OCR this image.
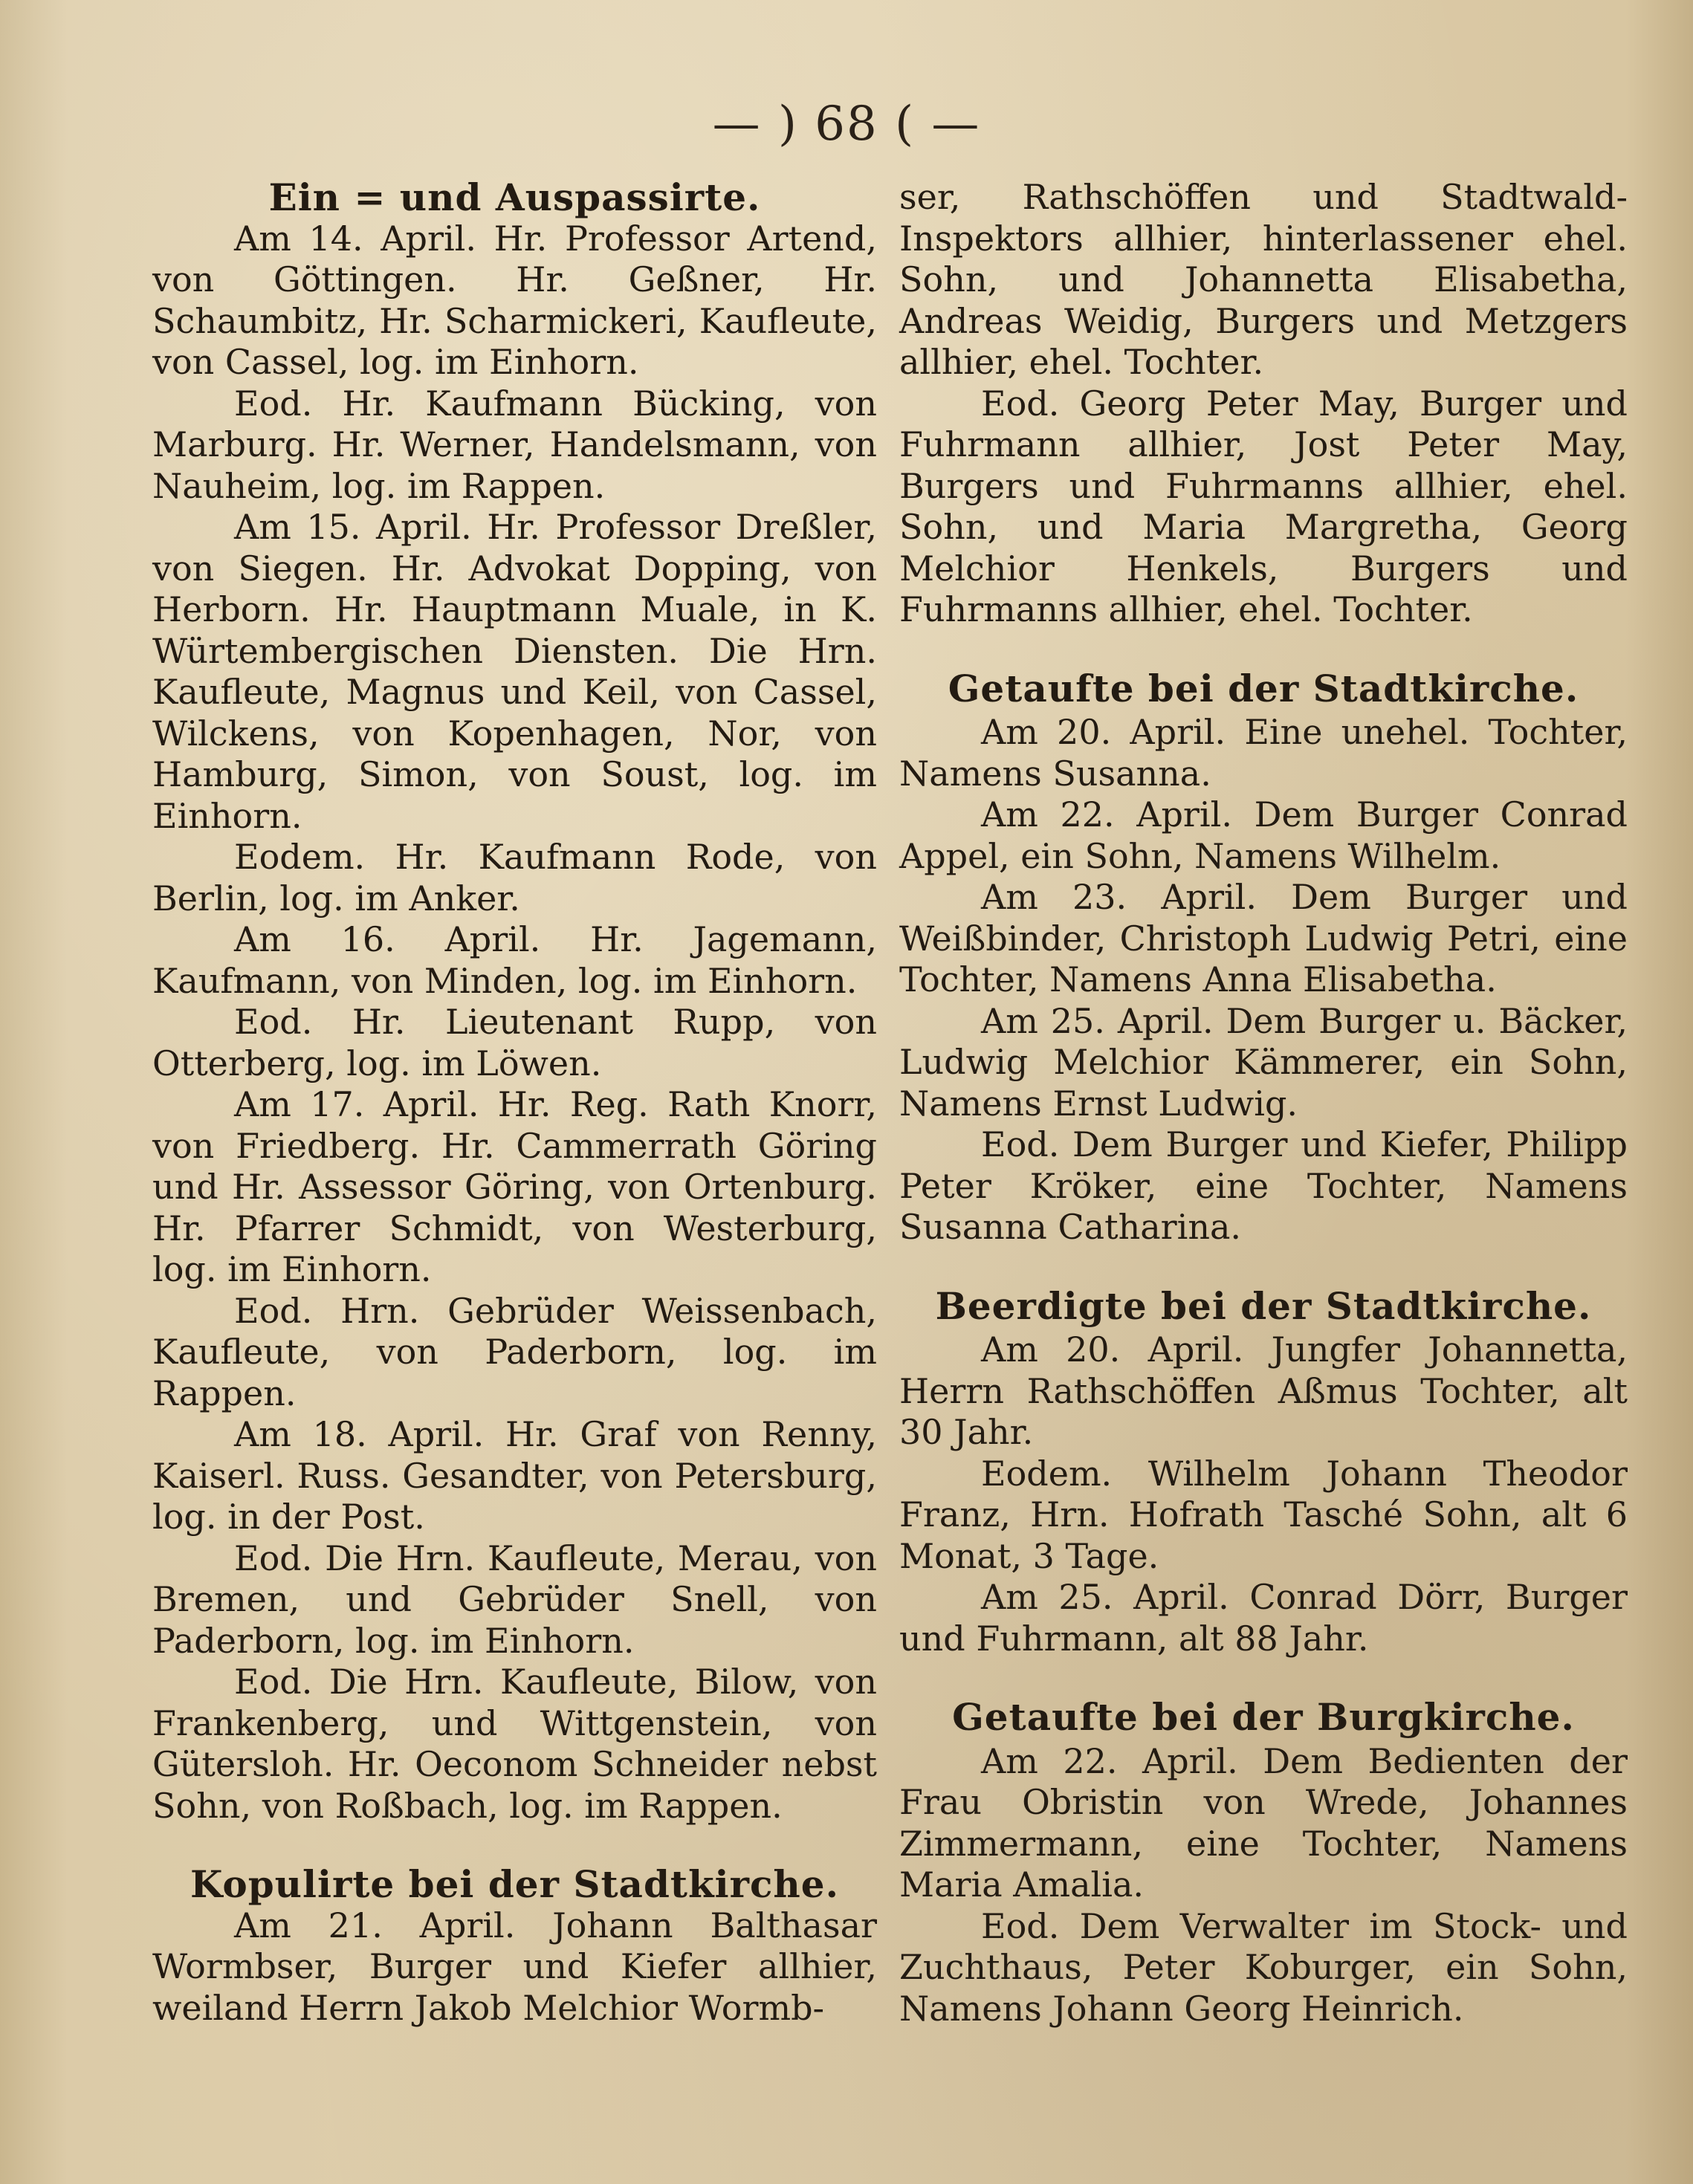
— ) 68 ( —
Ein = und Auspassirte.

Am 14. April. Hr. Professor Artend, von Göttingen. Hr. Geßner, Hr. Schaumbitz, Hr. Scharmickeri, Kaufleute, von Cassel, log. im Einhorn.

Eod. Hr. Kaufmann Bücking, von Marburg. Hr. Werner, Handelsmann, von Nauheim, log. im Rappen.

Am 15. April. Hr. Professor Dreßler, von Siegen. Hr. Advokat Dopping, von Herborn. Hr. Hauptmann Muale, in K. Würtembergischen Diensten. Die Hrn. Kaufleute, Magnus und Keil, von Cassel, Wilckens, von Kopenhagen, Nor, von Hamburg, Simon, von Soust, log. im Einhorn.

Eodem. Hr. Kaufmann Rode, von Berlin, log. im Anker.

Am 16. April. Hr. Jagemann, Kaufmann, von Minden, log. im Einhorn.

Eod. Hr. Lieutenant Rupp, von Otterberg, log. im Löwen.

Am 17. April. Hr. Reg. Rath Knorr, von Friedberg. Hr. Cammerrath Göring und Hr. Assessor Göring, von Ortenburg. Hr. Pfarrer Schmidt, von Westerburg, log. im Einhorn.

Eod. Hrn. Gebrüder Weissenbach, Kaufleute, von Paderborn, log. im Rappen.

Am 18. April. Hr. Graf von Renny, Kaiserl. Russ. Gesandter, von Petersburg, log. in der Post.

Eod. Die Hrn. Kaufleute, Merau, von Bremen, und Gebrüder Snell, von Paderborn, log. im Einhorn.

Eod. Die Hrn. Kaufleute, Bilow, von Frankenberg, und Wittgenstein, von Gütersloh. Hr. Oeconom Schneider nebst Sohn, von Roßbach, log. im Rappen.

Kopulirte bei der Stadtkirche.

Am 21. April. Johann Balthasar Wormbser, Burger und Kiefer allhier, weiland Herrn Jakob Melchior Wormb-

ser, Rathschöffen und Stadtwald-Inspektors allhier, hinterlassener ehel. Sohn, und Johannetta Elisabetha, Andreas Weidig, Burgers und Metzgers allhier, ehel. Tochter.

Eod. Georg Peter May, Burger und Fuhrmann allhier, Jost Peter May, Burgers und Fuhrmanns allhier, ehel. Sohn, und Maria Margretha, Georg Melchior Henkels, Burgers und Fuhrmanns allhier, ehel. Tochter.

Getaufte bei der Stadtkirche.

Am 20. April. Eine unehel. Tochter, Namens Susanna.

Am 22. April. Dem Burger Conrad Appel, ein Sohn, Namens Wilhelm.

Am 23. April. Dem Burger und Weißbinder, Christoph Ludwig Petri, eine Tochter, Namens Anna Elisabetha.

Am 25. April. Dem Burger u. Bäcker, Ludwig Melchior Kämmerer, ein Sohn, Namens Ernst Ludwig.

Eod. Dem Burger und Kiefer, Philipp Peter Kröker, eine Tochter, Namens Susanna Catharina.

Beerdigte bei der Stadtkirche.

Am 20. April. Jungfer Johannetta, Herrn Rathschöffen Aßmus Tochter, alt 30 Jahr.

Eodem. Wilhelm Johann Theodor Franz, Hrn. Hofrath Tasché Sohn, alt 6 Monat, 3 Tage.

Am 25. April. Conrad Dörr, Burger und Fuhrmann, alt 88 Jahr.

Getaufte bei der Burgkirche.

Am 22. April. Dem Bedienten der Frau Obristin von Wrede, Johannes Zimmermann, eine Tochter, Namens Maria Amalia.

Eod. Dem Verwalter im Stock- und Zuchthaus, Peter Koburger, ein Sohn, Namens Johann Georg Heinrich.
